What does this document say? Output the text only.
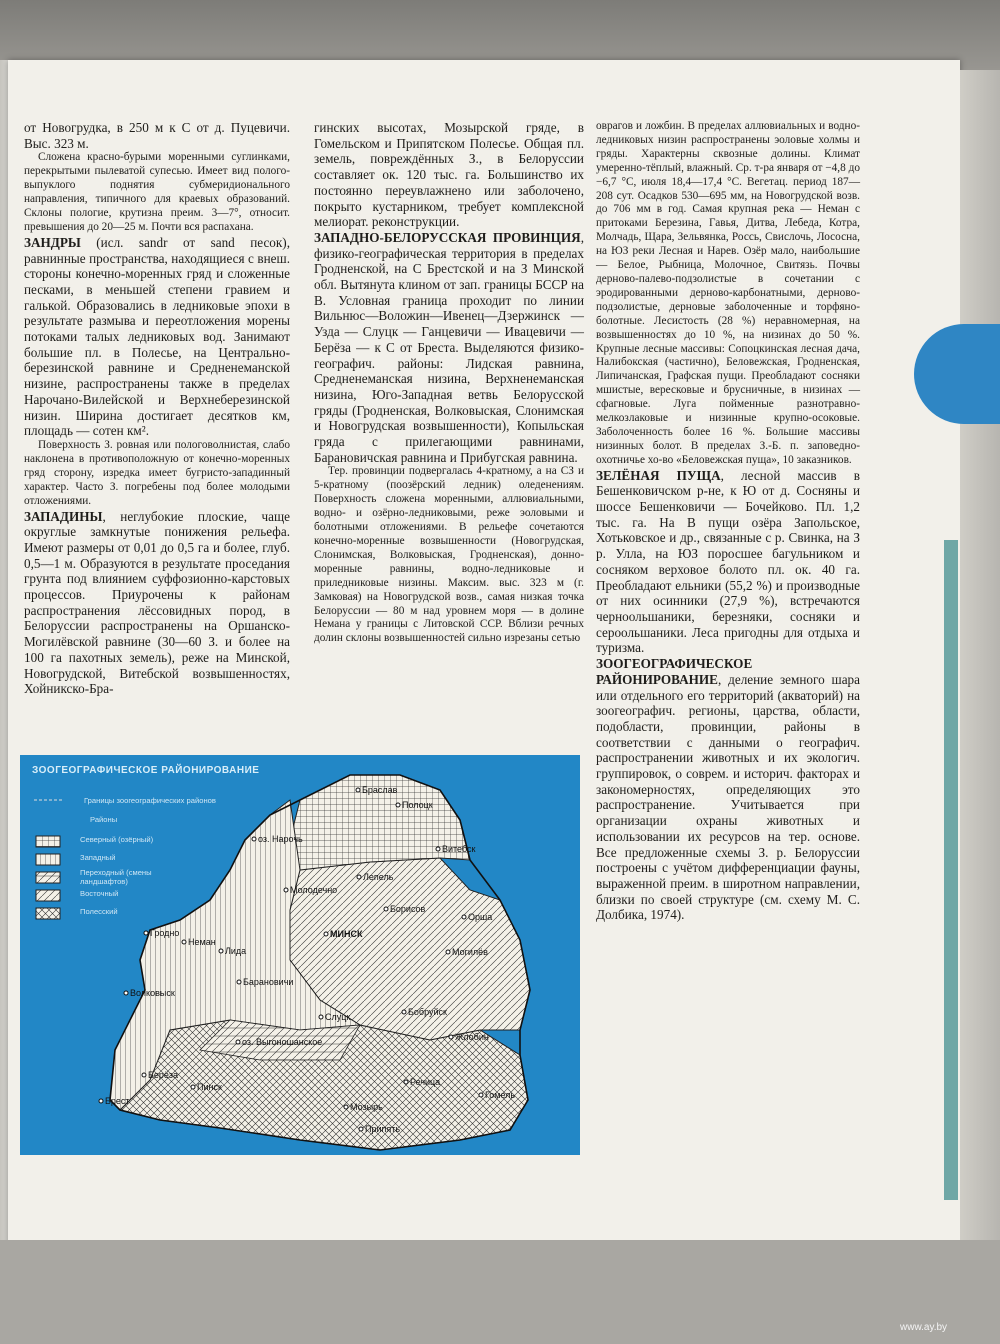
от Новогрудка, в 250 м к С от д. Пуцевичи. Выс. 323 м.

Сложена красно-бурыми моренными суглинками, перекрытыми пылеватой супесью. Имеет вид полого-выпуклого поднятия субмеридионального направления, типичного для краевых образований. Склоны пологие, крутизна преим. 3—7°, относит. превышения до 20—25 м. Почти вся распахана.

ЗАНДРЫ (исл. sandr от sand песок), равнинные пространства, находящиеся с внеш. стороны конечно-моренных гряд и сложенные песками, в меньшей степени гравием и галькой. Образовались в ледниковые эпохи в результате размыва и переотложения морены потоками талых ледниковых вод. Занимают большие пл. в Полесье, на Центрально-березинской равнине и Средненеманской низине, распространены также в пределах Нарочано-Вилейской и Верхнеберезинской низин. Ширина достигает десятков км, площадь — сотен км².

Поверхность З. ровная или пологоволнистая, слабо наклонена в противоположную от конечно-моренных гряд сторону, изредка имеет бугристо-западинный характер. Часто З. погребены под более молодыми отложениями.

ЗАПАДИНЫ, неглубокие плоские, чаще округлые замкнутые понижения рельефа. Имеют размеры от 0,01 до 0,5 га и более, глуб. 0,5—1 м. Образуются в результате проседания грунта под влиянием суффозионно-карстовых процессов. Приурочены к районам распространения лёссовидных пород, в Белоруссии распространены на Оршанско-Могилёвской равнине (30—60 З. и более на 100 га пахотных земель), реже на Минской, Новогрудской, Витебской возвышенностях, Хойникско-Бра-

гинских высотах, Мозырской гряде, в Гомельском и Припятском Полесье. Общая пл. земель, повреждённых З., в Белоруссии составляет ок. 120 тыс. га. Большинство их постоянно переувлажнено или заболочено, покрыто кустарником, требует комплексной мелиорат. реконструкции.

ЗАПАДНО-БЕЛОРУССКАЯ ПРОВИНЦИЯ, физико-географическая территория в пределах Гродненской, на С Брестской и на З Минской обл. Вытянута клином от зап. границы БССР на В. Условная граница проходит по линии Вильнюс—Воложин—Ивенец—Дзержинск — Узда — Слуцк — Ганцевичи — Ивацевичи — Берёза — к С от Бреста. Выделяются физико-географич. районы: Лидская равнина, Средненеманская низина, Верхненеманская низина, Юго-Западная ветвь Белорусской гряды (Гродненская, Волковыская, Слонимская и Новогрудская возвышенности), Копыльская гряда с прилегающими равнинами, Барановичская равнина и Прибугская равнина.

Тер. провинции подвергалась 4-кратному, а на СЗ и 5-кратному (поозёрский ледник) оледенениям. Поверхность сложена моренными, аллювиальными, водно- и озёрно-ледниковыми, реже эоловыми и болотными отложениями. В рельефе сочетаются конечно-моренные возвышенности (Новогрудская, Слонимская, Волковыская, Гродненская), донно-моренные равнины, водно-ледниковые и приледниковые низины. Максим. выс. 323 м (г. Замковая) на Новогрудской возв., самая низкая точка Белоруссии — 80 м над уровнем моря — в долине Немана у границы с Литовской ССР. Вблизи речных долин склоны возвышенностей сильно изрезаны сетью

оврагов и ложбин. В пределах аллювиальных и водно-ледниковых низин распространены эоловые холмы и гряды. Характерны сквозные долины. Климат умеренно-тёплый, влажный. Ср. т-ра января от −4,8 до −6,7 °С, июля 18,4—17,4 °С. Вегетац. период 187—208 сут. Осадков 530—695 мм, на Новогрудской возв. до 706 мм в год. Самая крупная река — Неман с притоками Березина, Гавья, Дитва, Лебеда, Котра, Молчадь, Щара, Зельвянка, Россь, Свислочь, Лососна, на ЮЗ реки Лесная и Нарев. Озёр мало, наибольшие — Белое, Рыбница, Молочное, Свитязь. Почвы дерново-палево-подзолистые в сочетании с эродированными дерново-карбонатными, дерново-подзолистые, дерновые заболоченные и торфяно-болотные. Лесистость (28 %) неравномерная, на возвышенностях до 10 %, на низинах до 50 %. Крупные лесные массивы: Сопоцкинская лесная дача, Налибокская (частично), Беловежская, Гродненская, Липичанская, Графская пущи. Преобладают сосняки мшистые, вересковые и брусничные, в низинах — сфагновые. Луга пойменные разнотравно-мелкозлаковые и низинные крупно-осоковые. Заболоченность более 16 %. Большие массивы низинных болот. В пределах З.-Б. п. заповедно-охотничье хо-во «Беловежская пуща», 10 заказников.

ЗЕЛЁНАЯ ПУЩА, лесной массив в Бешенковичском р-не, к Ю от д. Сосняны и шоссе Бешенковичи — Бочейково. Пл. 1,2 тыс. га. На В пущи озёра Запольское, Хотьковское и др., связанные с р. Свинка, на З р. Улла, на ЮЗ поросшее багульником и сосняком верховое болото пл. ок. 40 га. Преобладают ельники (55,2 %) и производные от них осинники (27,9 %), встречаются черноольшаники, березняки, сосняки и сероольшаники. Леса пригодны для отдыха и туризма.

ЗООГЕОГРАФИЧЕСКОЕ РАЙОНИРОВАНИЕ, деление земного шара или отдельного его территорий (акваторий) на зоогеографич. регионы, царства, области, подобласти, провинции, районы в соответствии с данными о географич. распространении животных и их экологич. группировок, о соврем. и историч. факторах и закономерностях, определяющих это распространение. Учитывается при организации охраны животных и использовании их ресурсов на тер. основе. Все предложенные схемы З. р. Белоруссии построены с учётом дифференциации фауны, выраженной преим. в широтном направлении, близки по своей структуре (см. схему М. С. Долбика, 1974).

Браслав
Полоцк
Витебск
оз. Нарочь
Молодечно
Лепель
Лида
Борисов
Орша
Гродно
Неман
МИНСК
Могилёв
Волковыск
Барановичи
Слуцк	Бобруйск
Жлобин
оз. Выгоношанское
Берёза
Брест
Пинск	Речица
Гомель
Мозырь
Припять
ЗООГЕОГРАФИЧЕСКОЕ РАЙОНИРОВАНИЕ
Границы зоогеографических районов
Районы
Северный (озёрный)
Западный
Переходный (смены ландшафтов)
Восточный
Полесский
www.ay.by
